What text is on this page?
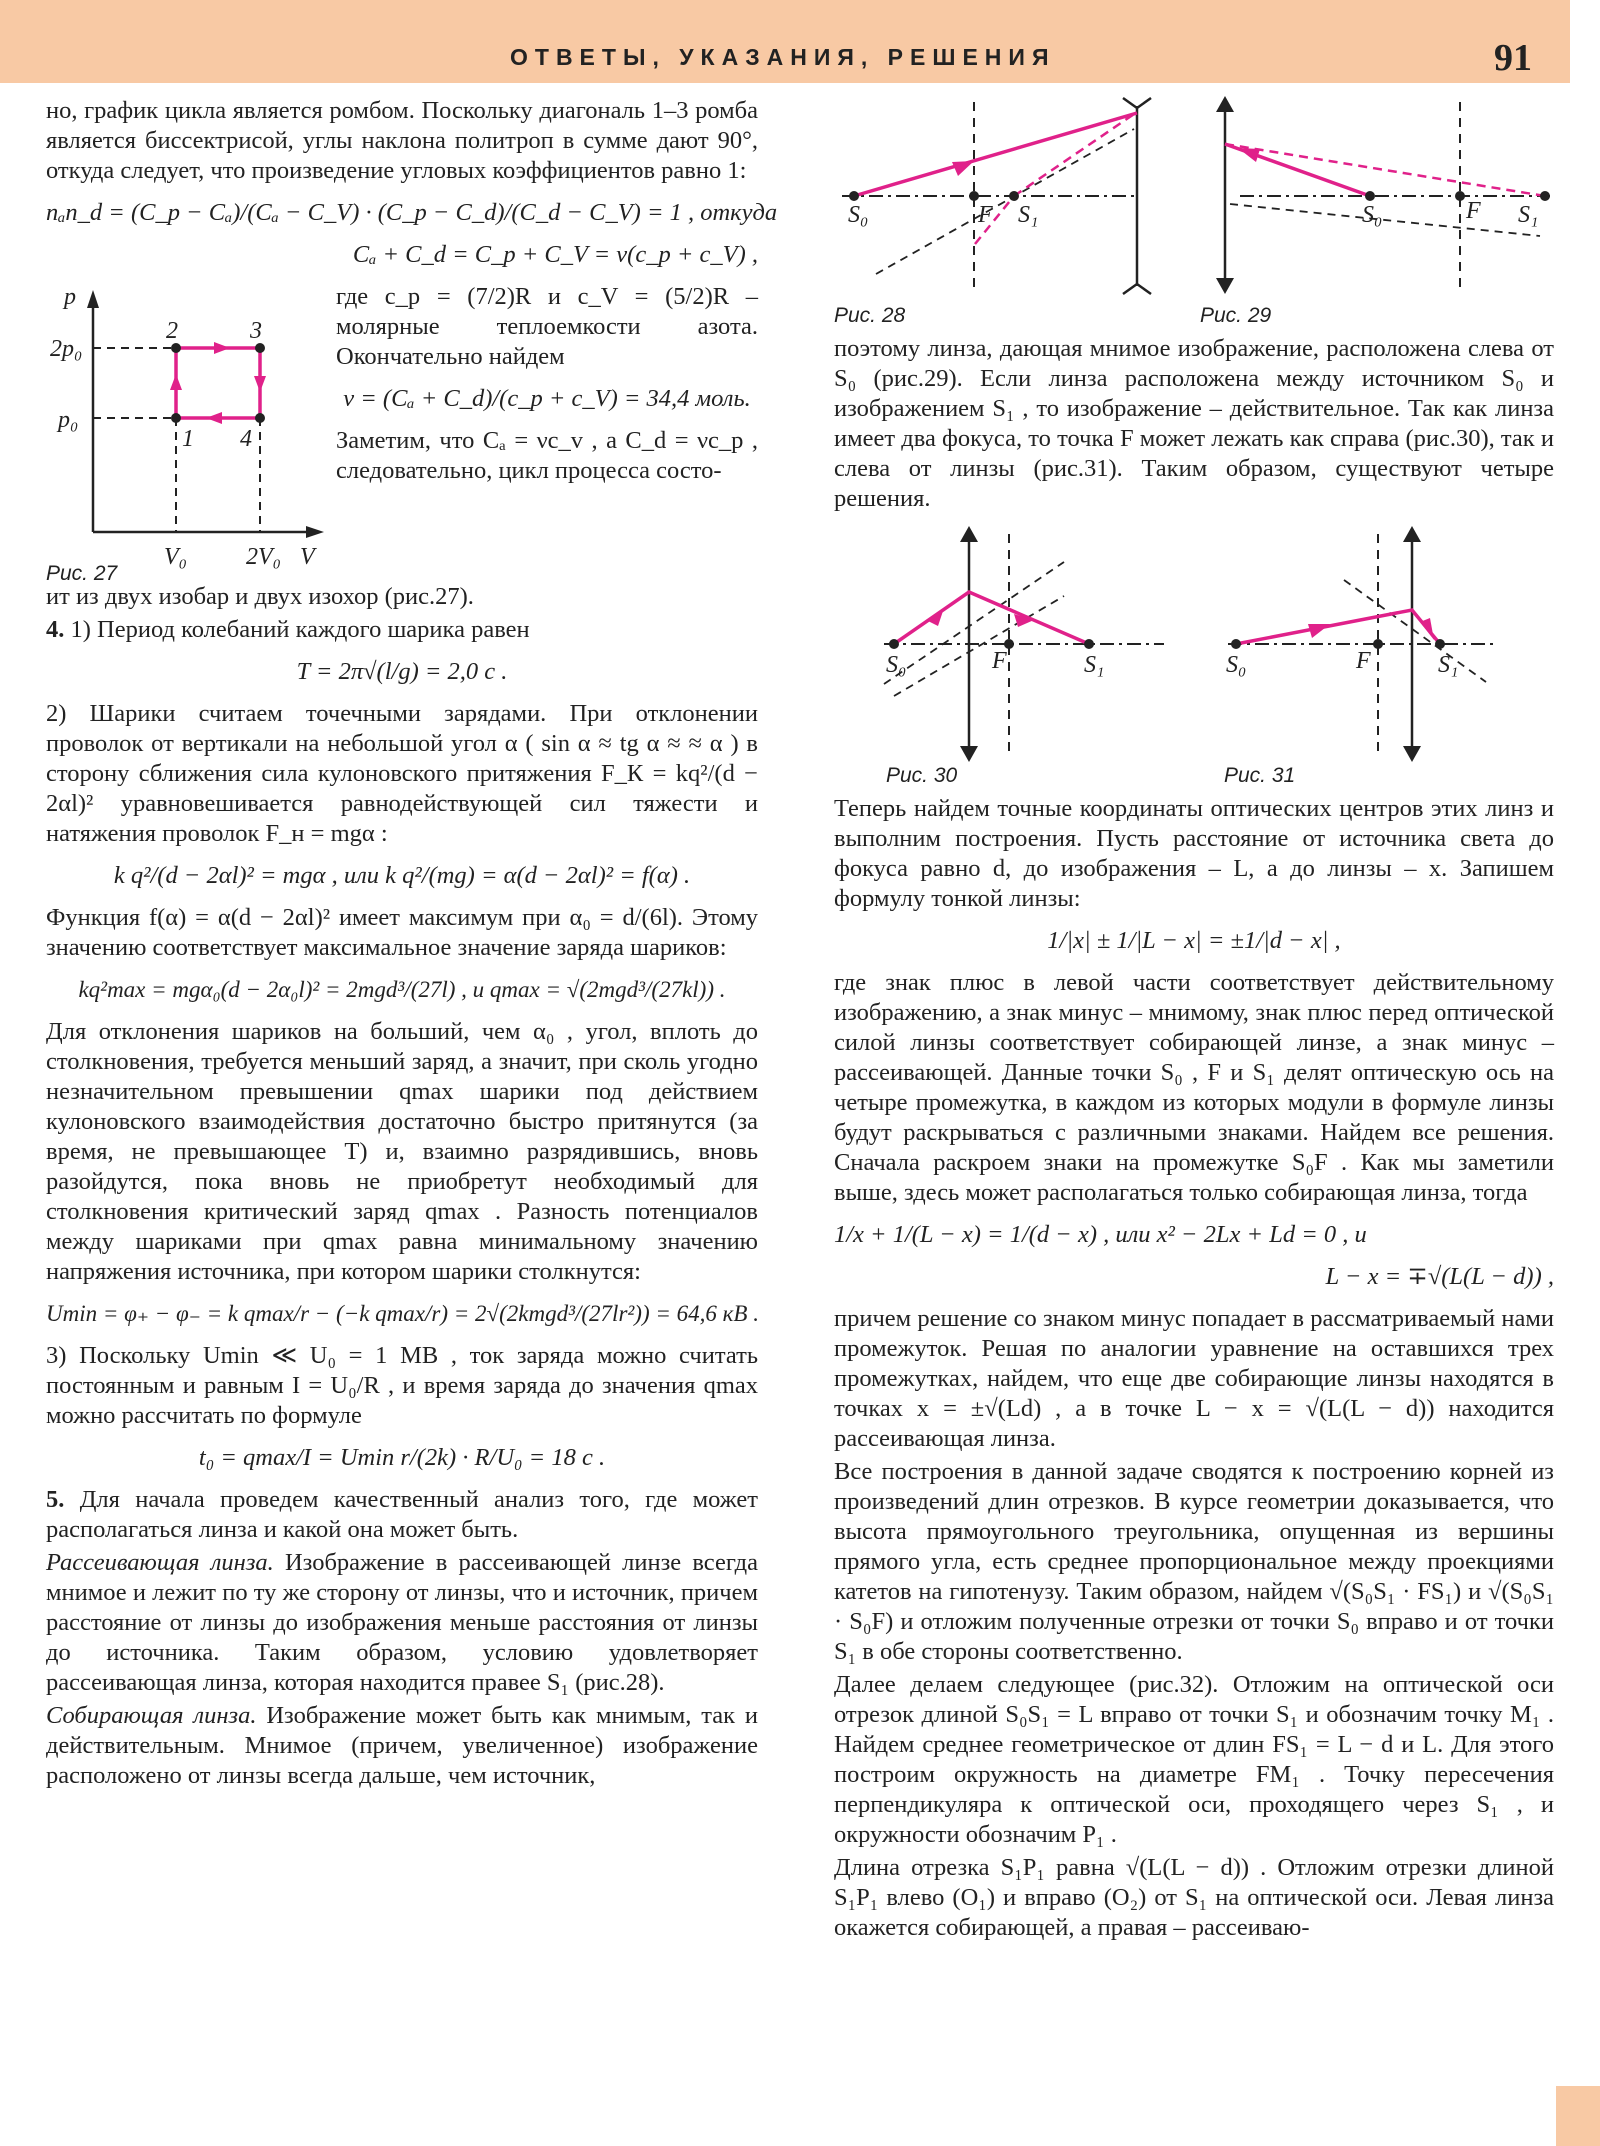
ОТВЕТЫ, УКАЗАНИЯ, РЕШЕНИЯ	91

но, график цикла является ромбом. Поскольку диагональ 1–3 ромба является биссектрисой, углы наклона политроп в сумме дают 90°, откуда следует, что произведение угловых коэффициентов равно 1:

nₐn_d = (C_p − Cₐ)/(Cₐ − C_V) · (C_p − C_d)/(C_d − C_V) = 1 , откуда
Cₐ + C_d = C_p + C_V = ν(c_p + c_V) ,
p
2p₀
p₀
2	3
1 4
V₀ 2V₀ V
Рис. 27

где c_p = (7/2)R и c_V = (5/2)R – молярные теплоемкости азота. Окончательно найдем

ν = (Cₐ + C_d)/(c_p + c_V) = 34,4 моль.

Заметим, что Cₐ = νc_v , а C_d = νc_p , следовательно, цикл процесса состо-

ит из двух изобар и двух изохор (рис.27).

4. 1) Период колебаний каждого шарика равен

T = 2π√(l/g) = 2,0 с .

2) Шарики считаем точечными зарядами. При отклонении проволок от вертикали на небольшой угол α ( sin α ≈ tg α ≈ ≈ α ) в сторону сближения сила кулоновского притяжения F_К = kq²/(d − 2αl)² уравновешивается равнодействующей сил тяжести и натяжения проволок F_н = mgα :

k q²/(d − 2αl)² = mgα , или k q²/(mg) = α(d − 2αl)² = f(α) .

Функция f(α) = α(d − 2αl)² имеет максимум при α₀ = d/(6l). Этому значению соответствует максимальное значение заряда шариков:

kq²max = mgα₀(d − 2α₀l)² = 2mgd³/(27l) , и qmax = √(2mgd³/(27kl)) .

Для отклонения шариков на больший, чем α₀ , угол, вплоть до столкновения, требуется меньший заряд, а значит, при сколь угодно незначительном превышении qmax шарики под действием кулоновского взаимодействия достаточно быстро притянутся (за время, не превышающее T) и, взаимно разрядившись, вновь разойдутся, пока вновь не приобретут необходимый для столкновения критический заряд qmax . Разность потенциалов между шариками при qmax равна минимальному значению напряжения источника, при котором шарики столкнутся:

Umin = φ₊ − φ₋ = k qmax/r − (−k qmax/r) = 2√(2kmgd³/(27lr²)) = 64,6 кВ .

3) Поскольку Umin ≪ U₀ = 1 МВ , ток заряда можно считать постоянным и равным I = U₀/R , и время заряда до значения qmax можно рассчитать по формуле

t₀ = qmax/I = Umin r/(2k) · R/U₀ = 18 с .

5. Для начала проведем качественный анализ того, где может располагаться линза и какой она может быть.

Рассеивающая линза. Изображение в рассеивающей линзе всегда мнимое и лежит по ту же сторону от линзы, что и источник, причем расстояние от линзы до изображения меньше расстояния от линзы до источника. Таким образом, условию удовлетворяет рассеивающая линза, которая находится правее S₁ (рис.28).

Собирающая линза. Изображение может быть как мнимым, так и действительным. Мнимое (причем, увеличенное) изображение расположено от линзы всегда дальше, чем источник,

S₀	F S₁
Рис. 28
S₀	F S₁
Рис. 29

поэтому линза, дающая мнимое изображение, расположена слева от S₀ (рис.29). Если линза расположена между источником S₀ и изображением S₁ , то изображение – действительное. Так как линза имеет два фокуса, то точка F может лежать как справа (рис.30), так и слева от линзы (рис.31). Таким образом, существуют четыре решения.

S₀	F	S₁
Рис. 30
S₀	F	S₁
Рис. 31

Теперь найдем точные координаты оптических центров этих линз и выполним построения. Пусть расстояние от источника света до фокуса равно d, до изображения – L, а до линзы – x. Запишем формулу тонкой линзы:

1/|x| ± 1/|L − x| = ±1/|d − x| ,

где знак плюс в левой части соответствует действительному изображению, а знак минус – мнимому, знак плюс перед оптической силой линзы соответствует собирающей линзе, а знак минус – рассеивающей. Данные точки S₀ , F и S₁ делят оптическую ось на четыре промежутка, в каждом из которых модули в формуле линзы будут раскрываться с различными знаками. Найдем все решения. Сначала раскроем знаки на промежутке S₀F . Как мы заметили выше, здесь может располагаться только собирающая линза, тогда

1/x + 1/(L − x) = 1/(d − x) , или x² − 2Lx + Ld = 0 , и
L − x = ∓√(L(L − d)) ,

причем решение со знаком минус попадает в рассматриваемый нами промежуток. Решая по аналогии уравнение на оставшихся трех промежутках, найдем, что еще две собирающие линзы находятся в точках x = ±√(Ld) , а в точке L − x = √(L(L − d)) находится рассеивающая линза.

Все построения в данной задаче сводятся к построению корней из произведений длин отрезков. В курсе геометрии доказывается, что высота прямоугольного треугольника, опущенная из вершины прямого угла, есть среднее пропорциональное между проекциями катетов на гипотенузу. Таким образом, найдем √(S₀S₁ · FS₁) и √(S₀S₁ · S₀F) и отложим полученные отрезки от точки S₀ вправо и от точки S₁ в обе стороны соответственно.

Далее делаем следующее (рис.32). Отложим на оптической оси отрезок длиной S₀S₁ = L вправо от точки S₁ и обозначим точку M₁ . Найдем среднее геометрическое от длин FS₁ = L − d и L. Для этого построим окружность на диаметре FM₁ . Точку пересечения перпендикуляра к оптической оси, проходящего через S₁ , и окружности обозначим P₁ .

Длина отрезка S₁P₁ равна √(L(L − d)) . Отложим отрезки длиной S₁P₁ влево (O₁) и вправо (O₂) от S₁ на оптической оси. Левая линза окажется собирающей, а правая – рассеиваю-
